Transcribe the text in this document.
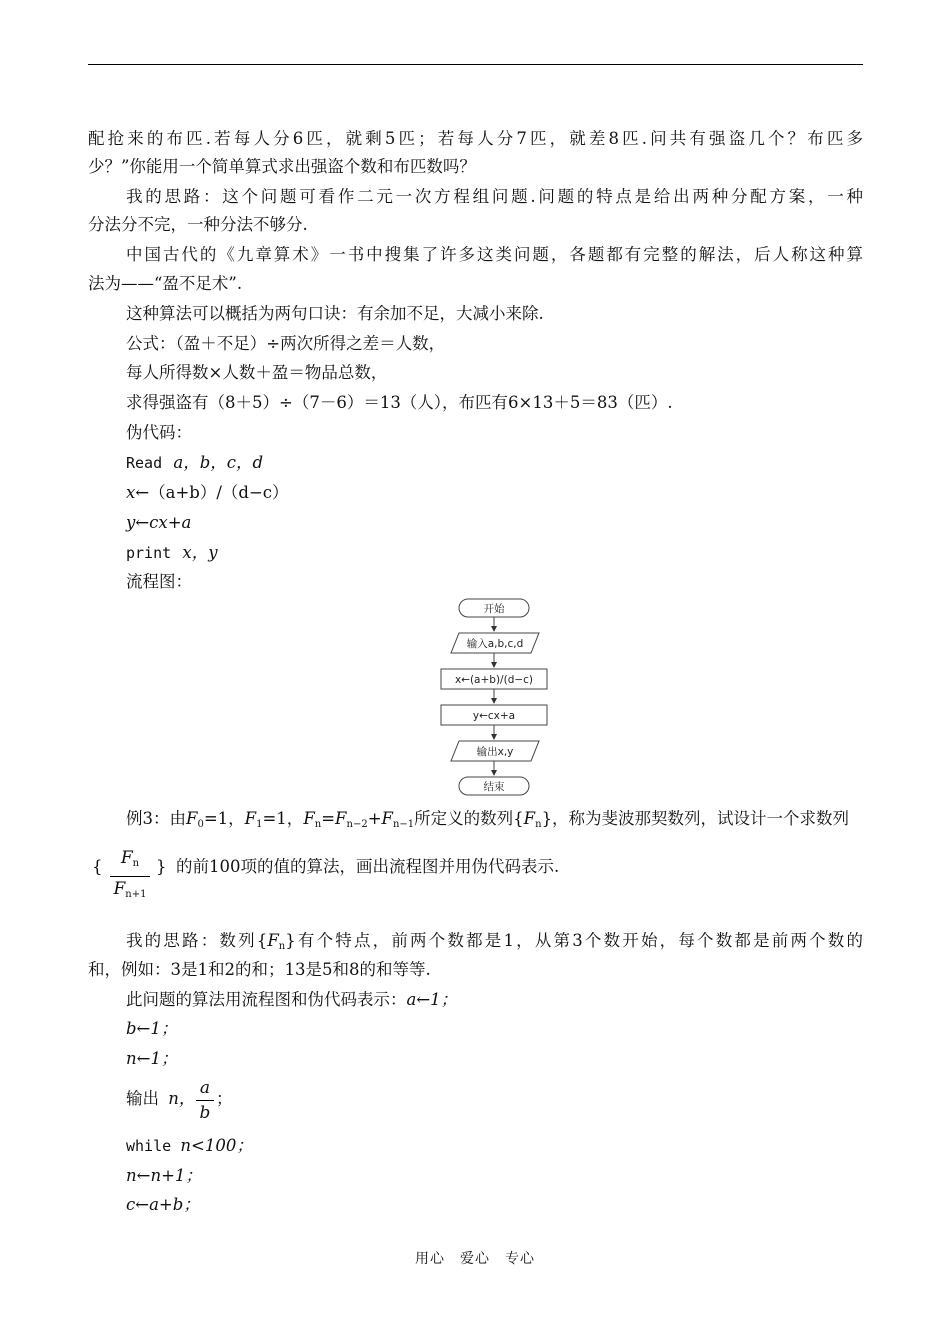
配抢来的布匹.若每人分6匹，就剩5匹；若每人分7匹，就差8匹.问共有强盗几个？布匹多
少？”你能用一个简单算式求出强盗个数和布匹数吗？
我的思路：这个问题可看作二元一次方程组问题.问题的特点是给出两种分配方案，一种
分法分不完，一种分法不够分.
中国古代的《九章算术》一书中搜集了许多这类问题，各题都有完整的解法，后人称这种算
法为——“盈不足术”.
这种算法可以概括为两句口诀：有余加不足，大减小来除.
公式：（盈＋不足）÷两次所得之差＝人数，
每人所得数×人数＋盈＝物品总数，
求得强盗有（8＋5）÷（7－6）＝13（人），布匹有6×13＋5＝83（匹）.
伪代码：
Read a，b，c，d
x←（a+b）/（d−c）
y←cx+a
print x，y
流程图：
开始
输入a,b,c,d
x←(a+b)/(d−c)
y←cx+a
输出x,y
结束
例3：由$F_0=1$，$F_1=1$，$F_n=F_{n-2}+F_{n-1}$所定义的数列$\{F_n\}$，称为斐波那契数列，试设计一个求数列
{	$F_n$
$F_{n+1}$
} 的前100项的值的算法，画出流程图并用伪代码表示.
我的思路：数列$\{F_n\}$有个特点，前两个数都是1，从第3个数开始，每个数都是前两个数的
和，例如：3是1和2的和；13是5和8的和等等.
此问题的算法用流程图和伪代码表示：a←1；
b←1；
n←1；
输出 n，
a
b
；
while n<100；
n←n+1；
c←a+b；
用心　爱心　专心
